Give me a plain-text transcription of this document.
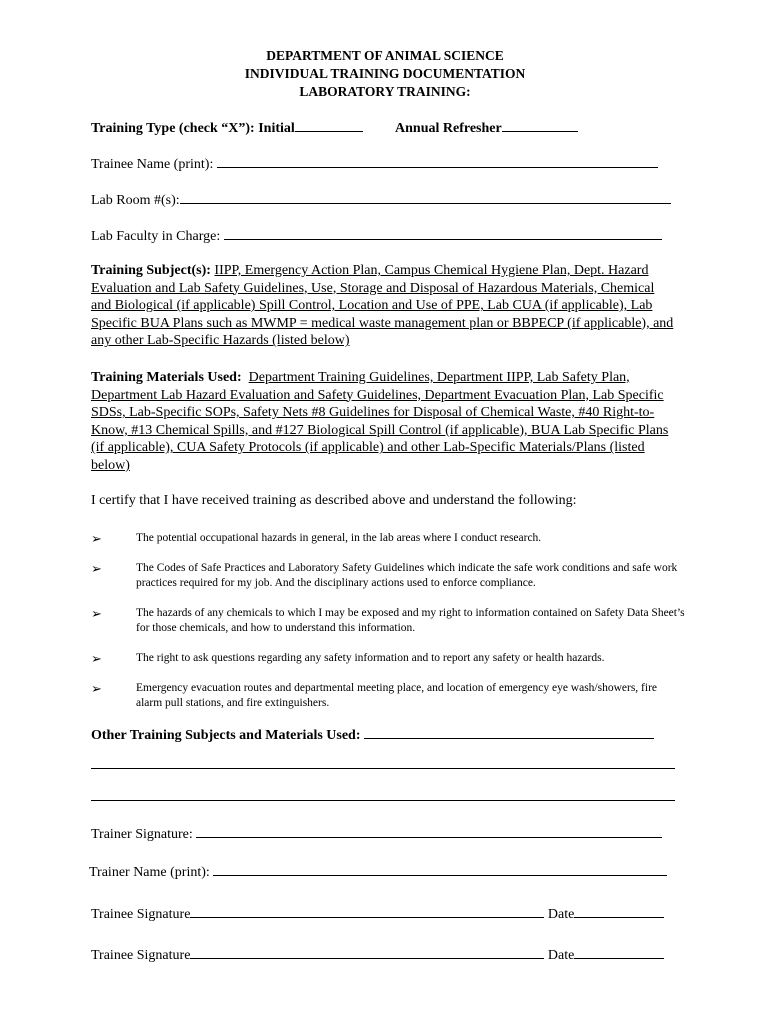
DEPARTMENT OF ANIMAL SCIENCE
INDIVIDUAL TRAINING DOCUMENTATION
LABORATORY TRAINING:
Training Type (check “X”): Initial	Annual Refresher
Trainee Name (print):
Lab Room #(s):
Lab Faculty in Charge:
Training Subject(s): IIPP, Emergency Action Plan, Campus Chemical Hygiene Plan, Dept. Hazard Evaluation and Lab Safety Guidelines, Use, Storage and Disposal of Hazardous Materials, Chemical and Biological (if applicable) Spill Control, Location and Use of PPE, Lab CUA (if applicable), Lab Specific BUA Plans such as MWMP = medical waste management plan or BBPECP (if applicable), and any other Lab-Specific Hazards (listed below)
Training Materials Used: Department Training Guidelines, Department IIPP, Lab Safety Plan, Department Lab Hazard Evaluation and Safety Guidelines, Department Evacuation Plan, Lab Specific SDSs, Lab-Specific SOPs, Safety Nets #8 Guidelines for Disposal of Chemical Waste, #40 Right-to-Know, #13 Chemical Spills, and #127 Biological Spill Control (if applicable), BUA Lab Specific Plans (if applicable), CUA Safety Protocols (if applicable) and other Lab-Specific Materials/Plans (listed below)
I certify that I have received training as described above and understand the following:
➢	The potential occupational hazards in general, in the lab areas where I conduct research.
➢	The Codes of Safe Practices and Laboratory Safety Guidelines which indicate the safe work conditions and safe work practices required for my job. And the disciplinary actions used to enforce compliance.
➢	The hazards of any chemicals to which I may be exposed and my right to information contained on Safety Data Sheet’s for those chemicals, and how to understand this information.
➢	The right to ask questions regarding any safety information and to report any safety or health hazards.
➢	Emergency evacuation routes and departmental meeting place, and location of emergency eye wash/showers, fire alarm pull stations, and fire extinguishers.
Other Training Subjects and Materials Used:
Trainer Signature:
Trainer Name (print):
Trainee Signature	Date
Trainee Signature	Date
